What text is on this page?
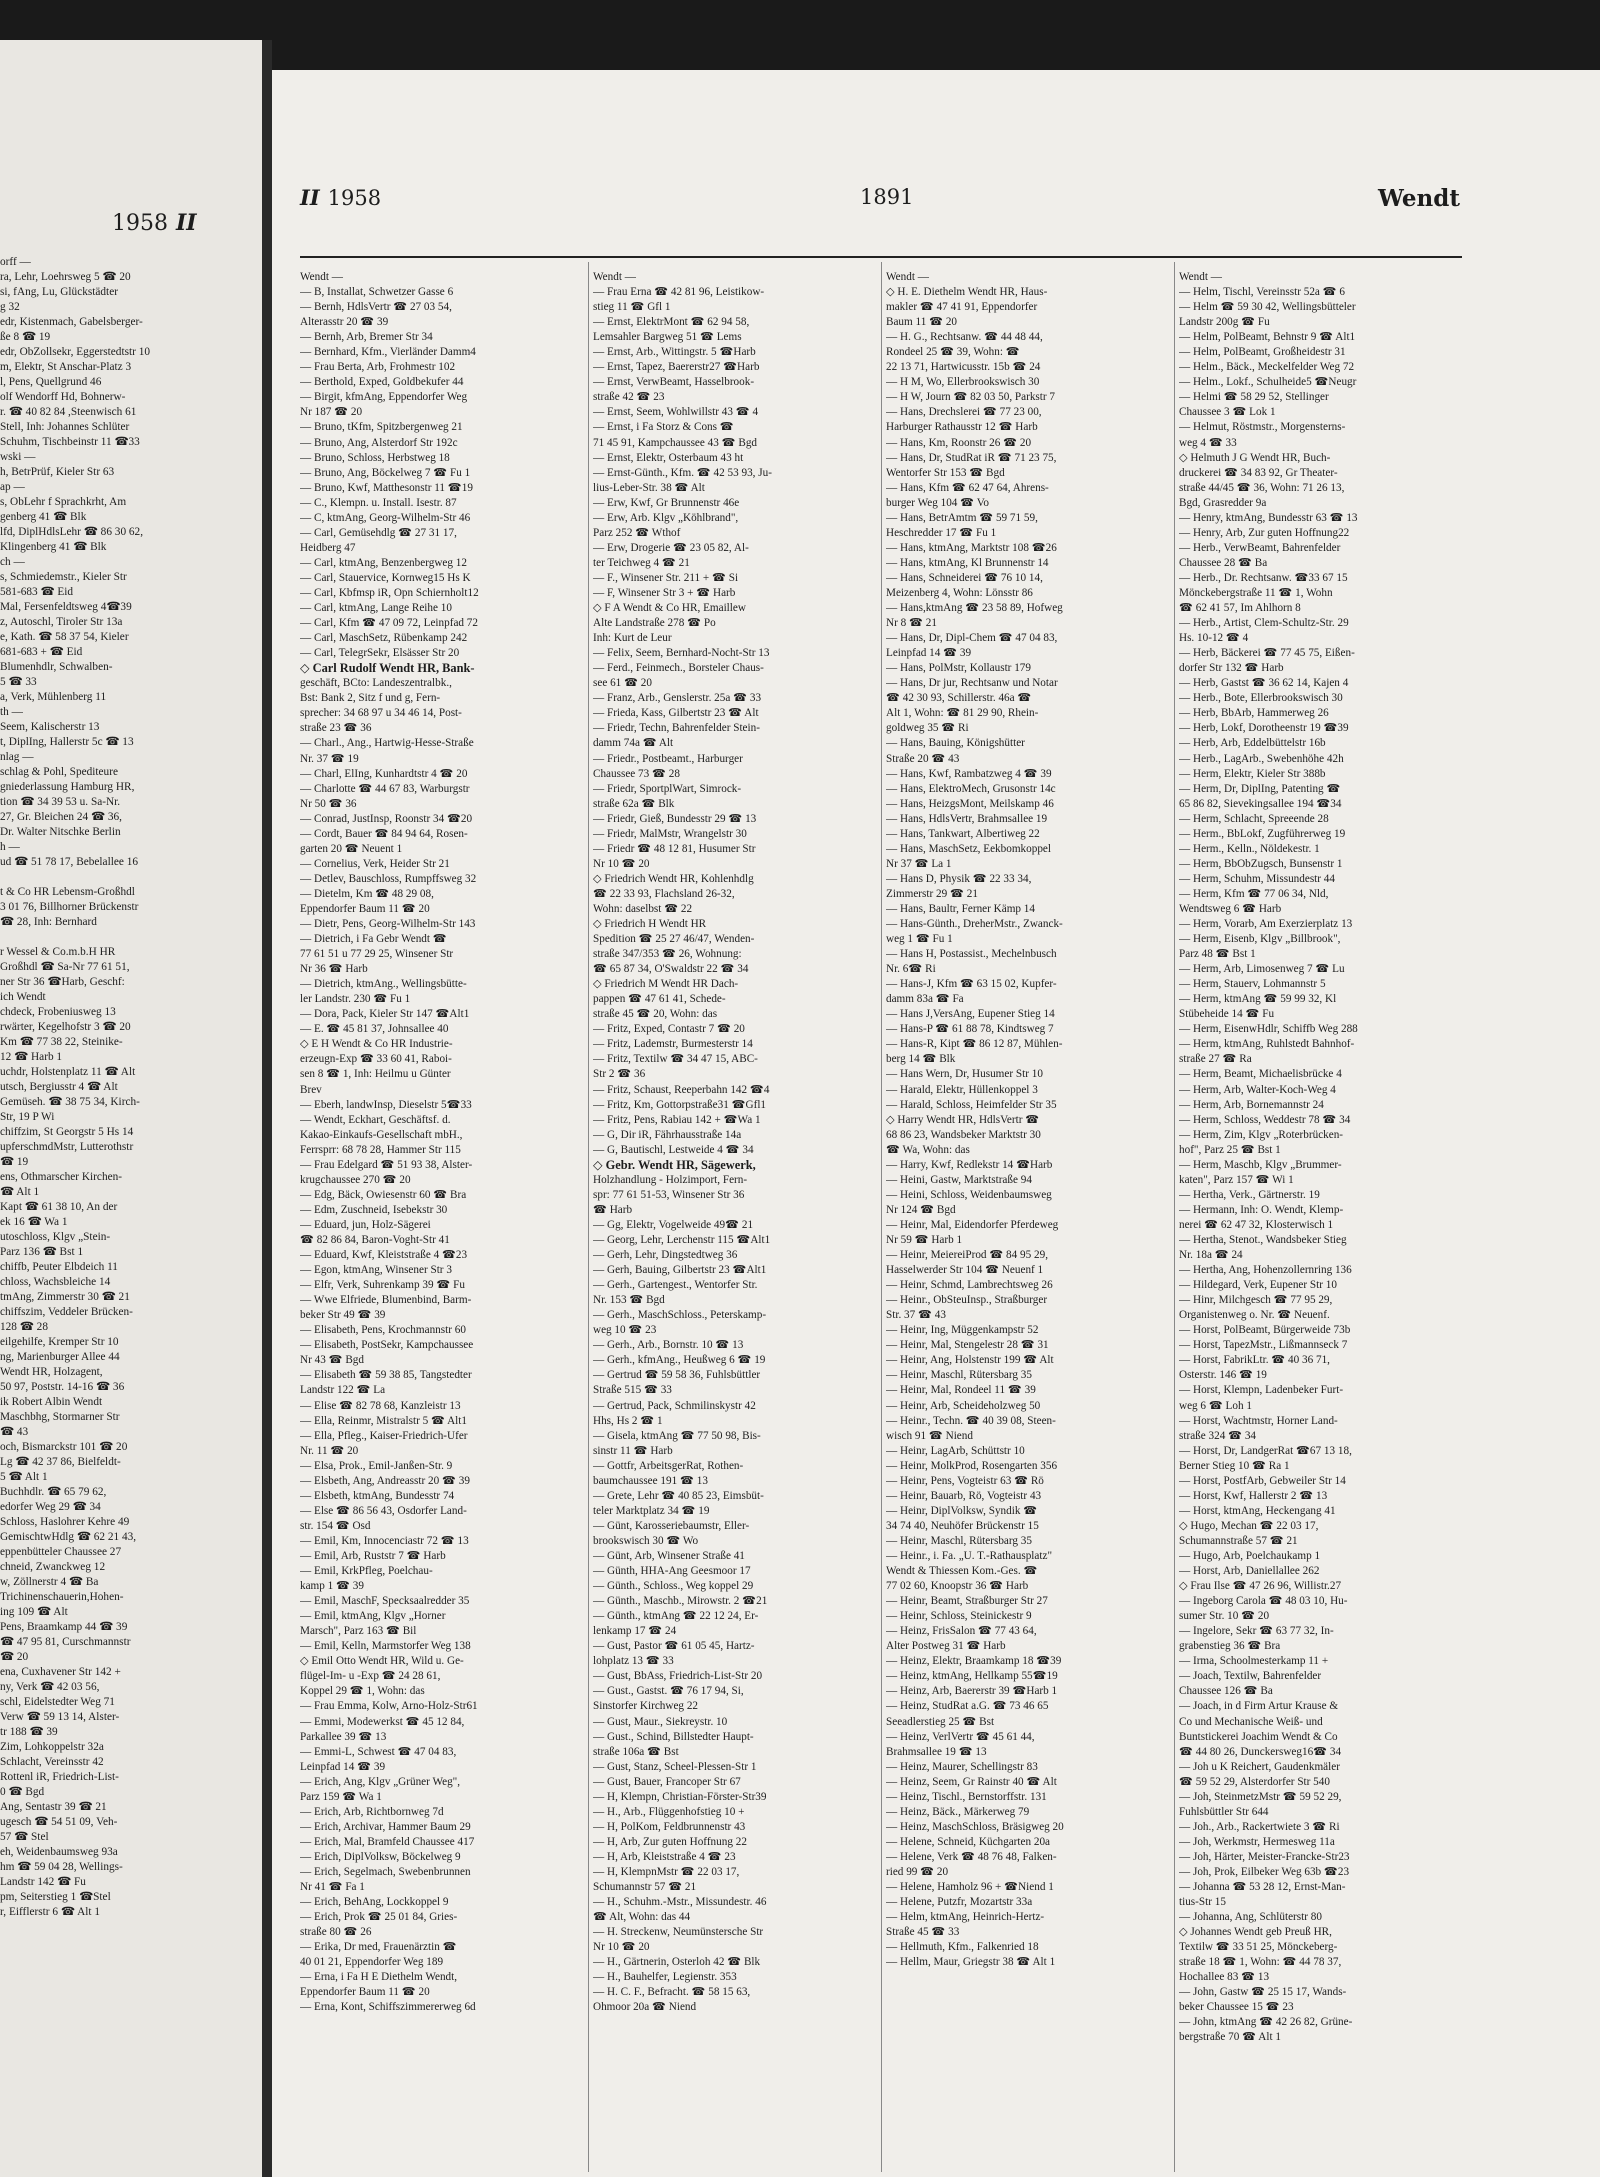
1958 II
orff —
ra, Lehr, Loehrsweg 5 ☎ 20
si, fAng, Lu, Glückstädter
g 32
edr, Kistenmach, Gabelsberger-
ße 8 ☎ 19
edr, ObZollsekr, Eggerstedtstr 10
m, Elektr, St Anschar-Platz 3
l, Pens, Quellgrund 46
olf Wendorff Hd, Bohnerw-
r. ☎ 40 82 84 ,Steenwisch 61
Stell, Inh: Johannes Schlüter
Schuhm, Tischbeinstr 11 ☎33
wski —
h, BetrPrüf, Kieler Str 63
ap —
s, ObLehr f Sprachkrht, Am
genberg 41 ☎ Blk
lfd, DiplHdlsLehr ☎ 86 30 62,
Klingenberg 41 ☎ Blk
ch —
s, Schmiedemstr., Kieler Str
581-683 ☎ Eid
Mal, Fersenfeldtsweg 4☎39
z, Autoschl, Tiroler Str 13a
e, Kath. ☎ 58 37 54, Kieler
681-683 + ☎ Eid
Blumenhdlr, Schwalben-
5 ☎ 33
a, Verk, Mühlenberg 11
th —
Seem, Kalischerstr 13
t, DiplIng, Hallerstr 5c ☎ 13
nlag —
schlag & Pohl, Spediteure
gniederlassung Hamburg HR,
tion ☎ 34 39 53 u. Sa-Nr.
27, Gr. Bleichen 24 ☎ 36,
Dr. Walter Nitschke Berlin
h —
ud ☎ 51 78 17, Bebelallee 16

t & Co HR Lebensm-Großhdl
3 01 76, Billhorner Brückenstr
☎ 28, Inh: Bernhard

r Wessel & Co.m.b.H HR
Großhdl ☎ Sa-Nr 77 61 51,
ner Str 36 ☎Harb, Geschf:
ich Wendt
chdeck, Frobeniusweg 13
rwärter, Kegelhofstr 3 ☎ 20
Km ☎ 77 38 22, Steinike-
12 ☎ Harb 1
uchdr, Holstenplatz 11 ☎ Alt
utsch, Bergiusstr 4 ☎ Alt
Gemüseh. ☎ 38 75 34, Kirch-
Str, 19 P Wi
chiffzim, St Georgstr 5 Hs 14
upferschmdMstr, Lutterothstr
☎ 19
ens, Othmarscher Kirchen-
☎ Alt 1
Kapt ☎ 61 38 10, An der
ek 16 ☎ Wa 1
utoschloss, Klgv „Stein-
Parz 136 ☎ Bst 1
chiffb, Peuter Elbdeich 11
chloss, Wachsbleiche 14
tmAng, Zimmerstr 30 ☎ 21
chiffszim, Veddeler Brücken-
128 ☎ 28
eilgehilfe, Kremper Str 10
ng, Marienburger Allee 44
Wendt HR, Holzagent,
50 97, Poststr. 14-16 ☎ 36
ik Robert Albin Wendt
Maschbhg, Stormarner Str
☎ 43
och, Bismarckstr 101 ☎ 20
Lg ☎ 42 37 86, Bielfeldt-
5 ☎ Alt 1
Buchhdlr. ☎ 65 79 62,
edorfer Weg 29 ☎ 34
Schloss, Haslohrer Kehre 49
GemischtwHdlg ☎ 62 21 43,
eppenbütteler Chaussee 27
chneid, Zwanckweg 12
w, Zöllnerstr 4 ☎ Ba
Trichinenschauerin,Hohen-
ing 109 ☎ Alt
Pens, Braamkamp 44 ☎ 39
☎ 47 95 81, Curschmannstr
☎ 20
ena, Cuxhavener Str 142 +
ny, Verk ☎ 42 03 56,
schl, Eidelstedter Weg 71
Verw ☎ 59 13 14, Alster-
tr 188 ☎ 39
Zim, Lohkoppelstr 32a
Schlacht, Vereinsstr 42
Rottenl iR, Friedrich-List-
0 ☎ Bgd
Ang, Sentastr 39 ☎ 21
ugesch ☎ 54 51 09, Veh-
57 ☎ Stel
eh, Weidenbaumsweg 93a
hm ☎ 59 04 28, Wellings-
Landstr 142 ☎ Fu
pm, Seiterstieg 1 ☎Stel
r, Eifflerstr 6 ☎ Alt 1
II 1958	1891	Wendt
Wendt —
— B, Installat, Schwetzer Gasse 6
— Bernh, HdlsVertr ☎ 27 03 54,
Alterasstr 20 ☎ 39
— Bernh, Arb, Bremer Str 34
— Bernhard, Kfm., Vierländer Damm4
— Frau Berta, Arb, Frohmestr 102
— Berthold, Exped, Goldbekufer 44
— Birgit, kfmAng, Eppendorfer Weg
Nr 187 ☎ 20
— Bruno, tKfm, Spitzbergenweg 21
— Bruno, Ang, Alsterdorf Str 192c
— Bruno, Schloss, Herbstweg 18
— Bruno, Ang, Böckelweg 7 ☎ Fu 1
— Bruno, Kwf, Matthesonstr 11 ☎19
— C., Klempn. u. Install. Isestr. 87
— C, ktmAng, Georg-Wilhelm-Str 46
— Carl, Gemüsehdlg ☎ 27 31 17,
Heidberg 47
— Carl, ktmAng, Benzenbergweg 12
— Carl, Stauervice, Kornweg15 Hs K
— Carl, Kbfmsp iR, Opn Schiernholt12
— Carl, ktmAng, Lange Reihe 10
— Carl, Kfm ☎ 47 09 72, Leinpfad 72
— Carl, MaschSetz, Rübenkamp 242
— Carl, TelegrSekr, Elsässer Str 20
◇ Carl Rudolf Wendt HR, Bank-
geschäft, BCto: Landeszentralbk.,
Bst: Bank 2, Sitz f und g, Fern-
sprecher: 34 68 97 u 34 46 14, Post-
straße 23 ☎ 36
— Charl., Ang., Hartwig-Hesse-Straße
Nr. 37 ☎ 19
— Charl, ElIng, Kunhardtstr 4 ☎ 20
— Charlotte ☎ 44 67 83, Warburgstr
Nr 50 ☎ 36
— Conrad, JustInsp, Roonstr 34 ☎20
— Cordt, Bauer ☎ 84 94 64, Rosen-
garten 20 ☎ Neuent 1
— Cornelius, Verk, Heider Str 21
— Detlev, Bauschloss, Rumpffsweg 32
— Dietelm, Km ☎ 48 29 08,
Eppendorfer Baum 11 ☎ 20
— Dietr, Pens, Georg-Wilhelm-Str 143
— Dietrich, i Fa Gebr Wendt ☎
77 61 51 u 77 29 25, Winsener Str
Nr 36 ☎ Harb
— Dietrich, ktmAng., Wellingsbütte-
ler Landstr. 230 ☎ Fu 1
— Dora, Pack, Kieler Str 147 ☎Alt1
— E. ☎ 45 81 37, Johnsallee 40
◇ E H Wendt & Co HR Industrie-
erzeugn-Exp ☎ 33 60 41, Raboi-
sen 8 ☎ 1, Inh: Heilmu u Günter
Brev
— Eberh, landwInsp, Dieselstr 5☎33
— Wendt, Eckhart, Geschäftsf. d.
Kakao-Einkaufs-Gesellschaft mbH.,
Ferrsprr: 68 78 28, Hammer Str 115
— Frau Edelgard ☎ 51 93 38, Alster-
krugchaussee 270 ☎ 20
— Edg, Bäck, Owiesenstr 60 ☎ Bra
— Edm, Zuschneid, Isebekstr 30
— Eduard, jun, Holz-Sägerei
☎ 82 86 84, Baron-Voght-Str 41
— Eduard, Kwf, Kleiststraße 4 ☎23
— Egon, ktmAng, Winsener Str 3
— Elfr, Verk, Suhrenkamp 39 ☎ Fu
— Wwe Elfriede, Blumenbind, Barm-
beker Str 49 ☎ 39
— Elisabeth, Pens, Krochmannstr 60
— Elisabeth, PostSekr, Kampchaussee
Nr 43 ☎ Bgd
— Elisabeth ☎ 59 38 85, Tangstedter
Landstr 122 ☎ La
— Elise ☎ 82 78 68, Kanzleistr 13
— Ella, Reinmr, Mistralstr 5 ☎ Alt1
— Ella, Pfleg., Kaiser-Friedrich-Ufer
Nr. 11 ☎ 20
— Elsa, Prok., Emil-Janßen-Str. 9
— Elsbeth, Ang, Andreasstr 20 ☎ 39
— Elsbeth, ktmAng, Bundesstr 74
— Else ☎ 86 56 43, Osdorfer Land-
str. 154 ☎ Osd
— Emil, Km, Innocenciastr 72 ☎ 13
— Emil, Arb, Ruststr 7 ☎ Harb
— Emil, KrkPfleg, Poelchau-
kamp 1 ☎ 39
— Emil, MaschF, Specksaalredder 35
— Emil, ktmAng, Klgv „Horner
Marsch", Parz 163 ☎ Bil
— Emil, Kelln, Marmstorfer Weg 138
◇ Emil Otto Wendt HR, Wild u. Ge-
flügel-Im- u -Exp ☎ 24 28 61,
Koppel 29 ☎ 1, Wohn: das
— Frau Emma, Kolw, Arno-Holz-Str61
— Emmi, Modewerkst ☎ 45 12 84,
Parkallee 39 ☎ 13
— Emmi-L, Schwest ☎ 47 04 83,
Leinpfad 14 ☎ 39
— Erich, Ang, Klgv „Grüner Weg",
Parz 159 ☎ Wa 1
— Erich, Arb, Richtbornweg 7d
— Erich, Archivar, Hammer Baum 29
— Erich, Mal, Bramfeld Chaussee 417
— Erich, DiplVolksw, Böckelweg 9
— Erich, Segelmach, Swebenbrunnen
Nr 41 ☎ Fa 1
— Erich, BehAng, Lockkoppel 9
— Erich, Prok ☎ 25 01 84, Gries-
straße 80 ☎ 26
— Erika, Dr med, Frauenärztin ☎
40 01 21, Eppendorfer Weg 189
— Erna, i Fa H E Diethelm Wendt,
Eppendorfer Baum 11 ☎ 20
— Erna, Kont, Schiffszimmererweg 6d
Wendt —
— Frau Erna ☎ 42 81 96, Leistikow-
stieg 11 ☎ Gfl 1
— Ernst, ElektrMont ☎ 62 94 58,
Lemsahler Bargweg 51 ☎ Lems
— Ernst, Arb., Wittingstr. 5 ☎Harb
— Ernst, Tapez, Baererstr27 ☎Harb
— Ernst, VerwBeamt, Hasselbrook-
straße 42 ☎ 23
— Ernst, Seem, Wohlwillstr 43 ☎ 4
— Ernst, i Fa Storz & Cons ☎
71 45 91, Kampchaussee 43 ☎ Bgd
— Ernst, Elektr, Osterbaum 43 ht
— Ernst-Günth., Kfm. ☎ 42 53 93, Ju-
lius-Leber-Str. 38 ☎ Alt
— Erw, Kwf, Gr Brunnenstr 46e
— Erw, Arb. Klgv „Köhlbrand",
Parz 252 ☎ Wthof
— Erw, Drogerie ☎ 23 05 82, Al-
ter Teichweg 4 ☎ 21
— F., Winsener Str. 211 + ☎ Si
— F, Winsener Str 3 + ☎ Harb
◇ F A Wendt & Co HR, Emaillew
Alte Landstraße 278 ☎ Po
Inh: Kurt de Leur
— Felix, Seem, Bernhard-Nocht-Str 13
— Ferd., Feinmech., Borsteler Chaus-
see 61 ☎ 20
— Franz, Arb., Genslerstr. 25a ☎ 33
— Frieda, Kass, Gilbertstr 23 ☎ Alt
— Friedr, Techn, Bahrenfelder Stein-
damm 74a ☎ Alt
— Friedr., Postbeamt., Harburger
Chaussee 73 ☎ 28
— Friedr, SportplWart, Simrock-
straße 62a ☎ Blk
— Friedr, Gieß, Bundesstr 29 ☎ 13
— Friedr, MalMstr, Wrangelstr 30
— Friedr ☎ 48 12 81, Husumer Str
Nr 10 ☎ 20
◇ Friedrich Wendt HR, Kohlenhdlg
☎ 22 33 93, Flachsland 26-32,
Wohn: daselbst ☎ 22
◇ Friedrich H Wendt HR
Spedition ☎ 25 27 46/47, Wenden-
straße 347/353 ☎ 26, Wohnung:
☎ 65 87 34, O'Swaldstr 22 ☎ 34
◇ Friedrich M Wendt HR Dach-
pappen ☎ 47 61 41, Schede-
straße 45 ☎ 20, Wohn: das
— Fritz, Exped, Contastr 7 ☎ 20
— Fritz, Lademstr, Burmesterstr 14
— Fritz, Textilw ☎ 34 47 15, ABC-
Str 2 ☎ 36
— Fritz, Schaust, Reeperbahn 142 ☎4
— Fritz, Km, Gottorpstraße31 ☎Gfl1
— Fritz, Pens, Rabiau 142 + ☎Wa 1
— G, Dir iR, Fährhausstraße 14a
— G, Bautischl, Lestweide 4 ☎ 34
◇ Gebr. Wendt HR, Sägewerk,
Holzhandlung - Holzimport, Fern-
spr: 77 61 51-53, Winsener Str 36
☎ Harb
— Gg, Elektr, Vogelweide 49☎ 21
— Georg, Lehr, Lerchenstr 115 ☎Alt1
— Gerh, Lehr, Dingstedtweg 36
— Gerh, Bauing, Gilbertstr 23 ☎Alt1
— Gerh., Gartengest., Wentorfer Str.
Nr. 153 ☎ Bgd
— Gerh., MaschSchloss., Peterskamp-
weg 10 ☎ 23
— Gerh., Arb., Bornstr. 10 ☎ 13
— Gerh., kfmAng., Heußweg 6 ☎ 19
— Gertrud ☎ 59 58 36, Fuhlsbüttler
Straße 515 ☎ 33
— Gertrud, Pack, Schmilinskystr 42
Hhs, Hs 2 ☎ 1
— Gisela, ktmAng ☎ 77 50 98, Bis-
sinstr 11 ☎ Harb
— Gottfr, ArbeitsgerRat, Rothen-
baumchaussee 191 ☎ 13
— Grete, Lehr ☎ 40 85 23, Eimsbüt-
teler Marktplatz 34 ☎ 19
— Günt, Karosseriebaumstr, Eller-
brookswisch 30 ☎ Wo
— Günt, Arb, Winsener Straße 41
— Günth, HHA-Ang Geesmoor 17
— Günth., Schloss., Weg koppel 29
— Günth., Maschb., Mirowstr. 2 ☎21
— Günth., ktmAng ☎ 22 12 24, Er-
lenkamp 17 ☎ 24
— Gust, Pastor ☎ 61 05 45, Hartz-
lohplatz 13 ☎ 33
— Gust, BbAss, Friedrich-List-Str 20
— Gust., Gastst. ☎ 76 17 94, Si,
Sinstorfer Kirchweg 22
— Gust, Maur., Siekreystr. 10
— Gust., Schind, Billstedter Haupt-
straße 106a ☎ Bst
— Gust, Stanz, Scheel-Plessen-Str 1
— Gust, Bauer, Francoper Str 67
— H, Klempn, Christian-Förster-Str39
— H., Arb., Flüggenhofstieg 10 +
— H, PolKom, Feldbrunnenstr 43
— H, Arb, Zur guten Hoffnung 22
— H, Arb, Kleiststraße 4 ☎ 23
— H, KlempnMstr ☎ 22 03 17,
Schumannstr 57 ☎ 21
— H., Schuhm.-Mstr., Missundestr. 46
☎ Alt, Wohn: das 44
— H. Streckenw, Neumünstersche Str
Nr 10 ☎ 20
— H., Gärtnerin, Osterloh 42 ☎ Blk
— H., Bauhelfer, Legienstr. 353
— H. C. F., Befracht. ☎ 58 15 63,
Ohmoor 20a ☎ Niend
Wendt —
◇ H. E. Diethelm Wendt HR, Haus-
makler ☎ 47 41 91, Eppendorfer
Baum 11 ☎ 20
— H. G., Rechtsanw. ☎ 44 48 44,
Rondeel 25 ☎ 39, Wohn: ☎
22 13 71, Hartwicusstr. 15b ☎ 24
— H M, Wo, Ellerbrookswisch 30
— H W, Journ ☎ 82 03 50, Parkstr 7
— Hans, Drechslerei ☎ 77 23 00,
Harburger Rathausstr 12 ☎ Harb
— Hans, Km, Roonstr 26 ☎ 20
— Hans, Dr, StudRat iR ☎ 71 23 75,
Wentorfer Str 153 ☎ Bgd
— Hans, Kfm ☎ 62 47 64, Ahrens-
burger Weg 104 ☎ Vo
— Hans, BetrAmtm ☎ 59 71 59,
Heschredder 17 ☎ Fu 1
— Hans, ktmAng, Marktstr 108 ☎26
— Hans, ktmAng, Kl Brunnenstr 14
— Hans, Schneiderei ☎ 76 10 14,
Meizenberg 4, Wohn: Lönsstr 86
— Hans,ktmAng ☎ 23 58 89, Hofweg
Nr 8 ☎ 21
— Hans, Dr, Dipl-Chem ☎ 47 04 83,
Leinpfad 14 ☎ 39
— Hans, PolMstr, Kollaustr 179
— Hans, Dr jur, Rechtsanw und Notar
☎ 42 30 93, Schillerstr. 46a ☎
Alt 1, Wohn: ☎ 81 29 90, Rhein-
goldweg 35 ☎ Ri
— Hans, Bauing, Königshütter
Straße 20 ☎ 43
— Hans, Kwf, Rambatzweg 4 ☎ 39
— Hans, ElektroMech, Grusonstr 14c
— Hans, HeizgsMont, Meilskamp 46
— Hans, HdlsVertr, Brahmsallee 19
— Hans, Tankwart, Albertiweg 22
— Hans, MaschSetz, Eekbomkoppel
Nr 37 ☎ La 1
— Hans D, Physik ☎ 22 33 34,
Zimmerstr 29 ☎ 21
— Hans, Baultr, Ferner Kämp 14
— Hans-Günth., DreherMstr., Zwanck-
weg 1 ☎ Fu 1
— Hans H, Postassist., Mechelnbusch
Nr. 6☎ Ri
— Hans-J, Kfm ☎ 63 15 02, Kupfer-
damm 83a ☎ Fa
— Hans J,VersAng, Eupener Stieg 14
— Hans-P ☎ 61 88 78, Kindtsweg 7
— Hans-R, Kipt ☎ 86 12 87, Mühlen-
berg 14 ☎ Blk
— Hans Wern, Dr, Husumer Str 10
— Harald, Elektr, Hüllenkoppel 3
— Harald, Schloss, Heimfelder Str 35
◇ Harry Wendt HR, HdlsVertr ☎
68 86 23, Wandsbeker Marktstr 30
☎ Wa, Wohn: das
— Harry, Kwf, Redlekstr 14 ☎Harb
— Heini, Gastw, Marktstraße 94
— Heini, Schloss, Weidenbaumsweg
Nr 124 ☎ Bgd
— Heinr, Mal, Eidendorfer Pferdeweg
Nr 59 ☎ Harb 1
— Heinr, MeiereiProd ☎ 84 95 29,
Hasselwerder Str 104 ☎ Neuenf 1
— Heinr, Schmd, Lambrechtsweg 26
— Heinr., ObSteuInsp., Straßburger
Str. 37 ☎ 43
— Heinr, Ing, Müggenkampstr 52
— Heinr, Mal, Stengelestr 28 ☎ 31
— Heinr, Ang, Holstenstr 199 ☎ Alt
— Heinr, Maschl, Rütersbarg 35
— Heinr, Mal, Rondeel 11 ☎ 39
— Heinr, Arb, Scheideholzweg 50
— Heinr., Techn. ☎ 40 39 08, Steen-
wisch 91 ☎ Niend
— Heinr, LagArb, Schüttstr 10
— Heinr, MolkProd, Rosengarten 356
— Heinr, Pens, Vogteistr 63 ☎ Rö
— Heinr, Bauarb, Rö, Vogteistr 43
— Heinr, DiplVolksw, Syndik ☎
34 74 40, Neuhöfer Brückenstr 15
— Heinr, Maschl, Rütersbarg 35
— Heinr., i. Fa. „U. T.-Rathausplatz"
Wendt & Thiessen Kom.-Ges. ☎
77 02 60, Knoopstr 36 ☎ Harb
— Heinr, Beamt, Straßburger Str 27
— Heinr, Schloss, Steinickestr 9
— Heinz, FrisSalon ☎ 77 43 64,
Alter Postweg 31 ☎ Harb
— Heinz, Elektr, Braamkamp 18 ☎39
— Heinz, ktmAng, Hellkamp 55☎19
— Heinz, Arb, Baererstr 39 ☎Harb 1
— Heinz, StudRat a.G. ☎ 73 46 65
Seeadlerstieg 25 ☎ Bst
— Heinz, VerlVertr ☎ 45 61 44,
Brahmsallee 19 ☎ 13
— Heinz, Maurer, Schellingstr 83
— Heinz, Seem, Gr Rainstr 40 ☎ Alt
— Heinz, Tischl., Bernstorffstr. 131
— Heinz, Bäck., Märkerweg 79
— Heinz, MaschSchloss, Bräsigweg 20
— Helene, Schneid, Küchgarten 20a
— Helene, Verk ☎ 48 76 48, Falken-
ried 99 ☎ 20
— Helene, Hamholz 96 + ☎Niend 1
— Helene, Putzfr, Mozartstr 33a
— Helm, ktmAng, Heinrich-Hertz-
Straße 45 ☎ 33
— Hellmuth, Kfm., Falkenried 18
— Hellm, Maur, Griegstr 38 ☎ Alt 1
Wendt —
— Helm, Tischl, Vereinsstr 52a ☎ 6
— Helm ☎ 59 30 42, Wellingsbütteler
Landstr 200g ☎ Fu
— Helm, PolBeamt, Behnstr 9 ☎ Alt1
— Helm, PolBeamt, Großheidestr 31
— Helm., Bäck., Meckelfelder Weg 72
— Helm., Lokf., Schulheide5 ☎Neugr
— Helmi ☎ 58 29 52, Stellinger
Chaussee 3 ☎ Lok 1
— Helmut, Röstmstr., Morgensterns-
weg 4 ☎ 33
◇ Helmuth J G Wendt HR, Buch-
druckerei ☎ 34 83 92, Gr Theater-
straße 44/45 ☎ 36, Wohn: 71 26 13,
Bgd, Grasredder 9a
— Henry, ktmAng, Bundesstr 63 ☎ 13
— Henry, Arb, Zur guten Hoffnung22
— Herb., VerwBeamt, Bahrenfelder
Chaussee 28 ☎ Ba
— Herb., Dr. Rechtsanw. ☎33 67 15
Mönckebergstraße 11 ☎ 1, Wohn
☎ 62 41 57, Im Ahlhorn 8
— Herb., Artist, Clem-Schultz-Str. 29
Hs. 10-12 ☎ 4
— Herb, Bäckerei ☎ 77 45 75, Eißen-
dorfer Str 132 ☎ Harb
— Herb, Gastst ☎ 36 62 14, Kajen 4
— Herb., Bote, Ellerbrookswisch 30
— Herb, BbArb, Hammerweg 26
— Herb, Lokf, Dorotheenstr 19 ☎39
— Herb, Arb, Eddelbüttelstr 16b
— Herb., LagArb., Swebenhöhe 42h
— Herm, Elektr, Kieler Str 388b
— Herm, Dr, DiplIng, Patenting ☎
65 86 82, Sievekingsallee 194 ☎34
— Herm, Schlacht, Spreeende 28
— Herm., BbLokf, Zugführerweg 19
— Herm., Kelln., Nöldekestr. 1
— Herm, BbObZugsch, Bunsenstr 1
— Herm, Schuhm, Missundestr 44
— Herm, Kfm ☎ 77 06 34, Nld,
Wendtsweg 6 ☎ Harb
— Herm, Vorarb, Am Exerzierplatz 13
— Herm, Eisenb, Klgv „Billbrook",
Parz 48 ☎ Bst 1
— Herm, Arb, Limosenweg 7 ☎ Lu
— Herm, Stauerv, Lohmannstr 5
— Herm, ktmAng ☎ 59 99 32, Kl
Stübeheide 14 ☎ Fu
— Herm, EisenwHdlr, Schiffb Weg 288
— Herm, ktmAng, Ruhlstedt Bahnhof-
straße 27 ☎ Ra
— Herm, Beamt, Michaelisbrücke 4
— Herm, Arb, Walter-Koch-Weg 4
— Herm, Arb, Bornemannstr 24
— Herm, Schloss, Weddestr 78 ☎ 34
— Herm, Zim, Klgv „Roterbrücken-
hof", Parz 25 ☎ Bst 1
— Herm, Maschb, Klgv „Brummer-
katen", Parz 157 ☎ Wi 1
— Hertha, Verk., Gärtnerstr. 19
— Hermann, Inh: O. Wendt, Klemp-
nerei ☎ 62 47 32, Klosterwisch 1
— Hertha, Stenot., Wandsbeker Stieg
Nr. 18a ☎ 24
— Hertha, Ang, Hohenzollernring 136
— Hildegard, Verk, Eupener Str 10
— Hinr, Milchgesch ☎ 77 95 29,
Organistenweg o. Nr. ☎ Neuenf.
— Horst, PolBeamt, Bürgerweide 73b
— Horst, TapezMstr., Lißmannseck 7
— Horst, FabrikLtr. ☎ 40 36 71,
Osterstr. 146 ☎ 19
— Horst, Klempn, Ladenbeker Furt-
weg 6 ☎ Loh 1
— Horst, Wachtmstr, Horner Land-
straße 324 ☎ 34
— Horst, Dr, LandgerRat ☎67 13 18,
Berner Stieg 10 ☎ Ra 1
— Horst, PostfArb, Gebweiler Str 14
— Horst, Kwf, Hallerstr 2 ☎ 13
— Horst, ktmAng, Heckengang 41
◇ Hugo, Mechan ☎ 22 03 17,
Schumannstraße 57 ☎ 21
— Hugo, Arb, Poelchaukamp 1
— Horst, Arb, Daniellallee 262
◇ Frau Ilse ☎ 47 26 96, Willistr.27
— Ingeborg Carola ☎ 48 03 10, Hu-
sumer Str. 10 ☎ 20
— Ingelore, Sekr ☎ 63 77 32, In-
grabenstieg 36 ☎ Bra
— Irma, Schoolmesterkamp 11 +
— Joach, Textilw, Bahrenfelder
Chaussee 126 ☎ Ba
— Joach, in d Firm Artur Krause &
Co und Mechanische Weiß- und
Buntstickerei Joachim Wendt & Co
☎ 44 80 26, Dunckersweg16☎ 34
— Joh u K Reichert, Gaudenkmäler
☎ 59 52 29, Alsterdorfer Str 540
— Joh, SteinmetzMstr ☎ 59 52 29,
Fuhlsbüttler Str 644
— Joh., Arb., Rackertwiete 3 ☎ Ri
— Joh, Werkmstr, Hermesweg 11a
— Joh, Härter, Meister-Francke-Str23
— Joh, Prok, Eilbeker Weg 63b ☎23
— Johanna ☎ 53 28 12, Ernst-Man-
tius-Str 15
— Johanna, Ang, Schlüterstr 80
◇ Johannes Wendt geb Preuß HR,
Textilw ☎ 33 51 25, Mönckeberg-
straße 18 ☎ 1, Wohn: ☎ 44 78 37,
Hochallee 83 ☎ 13
— John, Gastw ☎ 25 15 17, Wands-
beker Chaussee 15 ☎ 23
— John, ktmAng ☎ 42 26 82, Grüne-
bergstraße 70 ☎ Alt 1
